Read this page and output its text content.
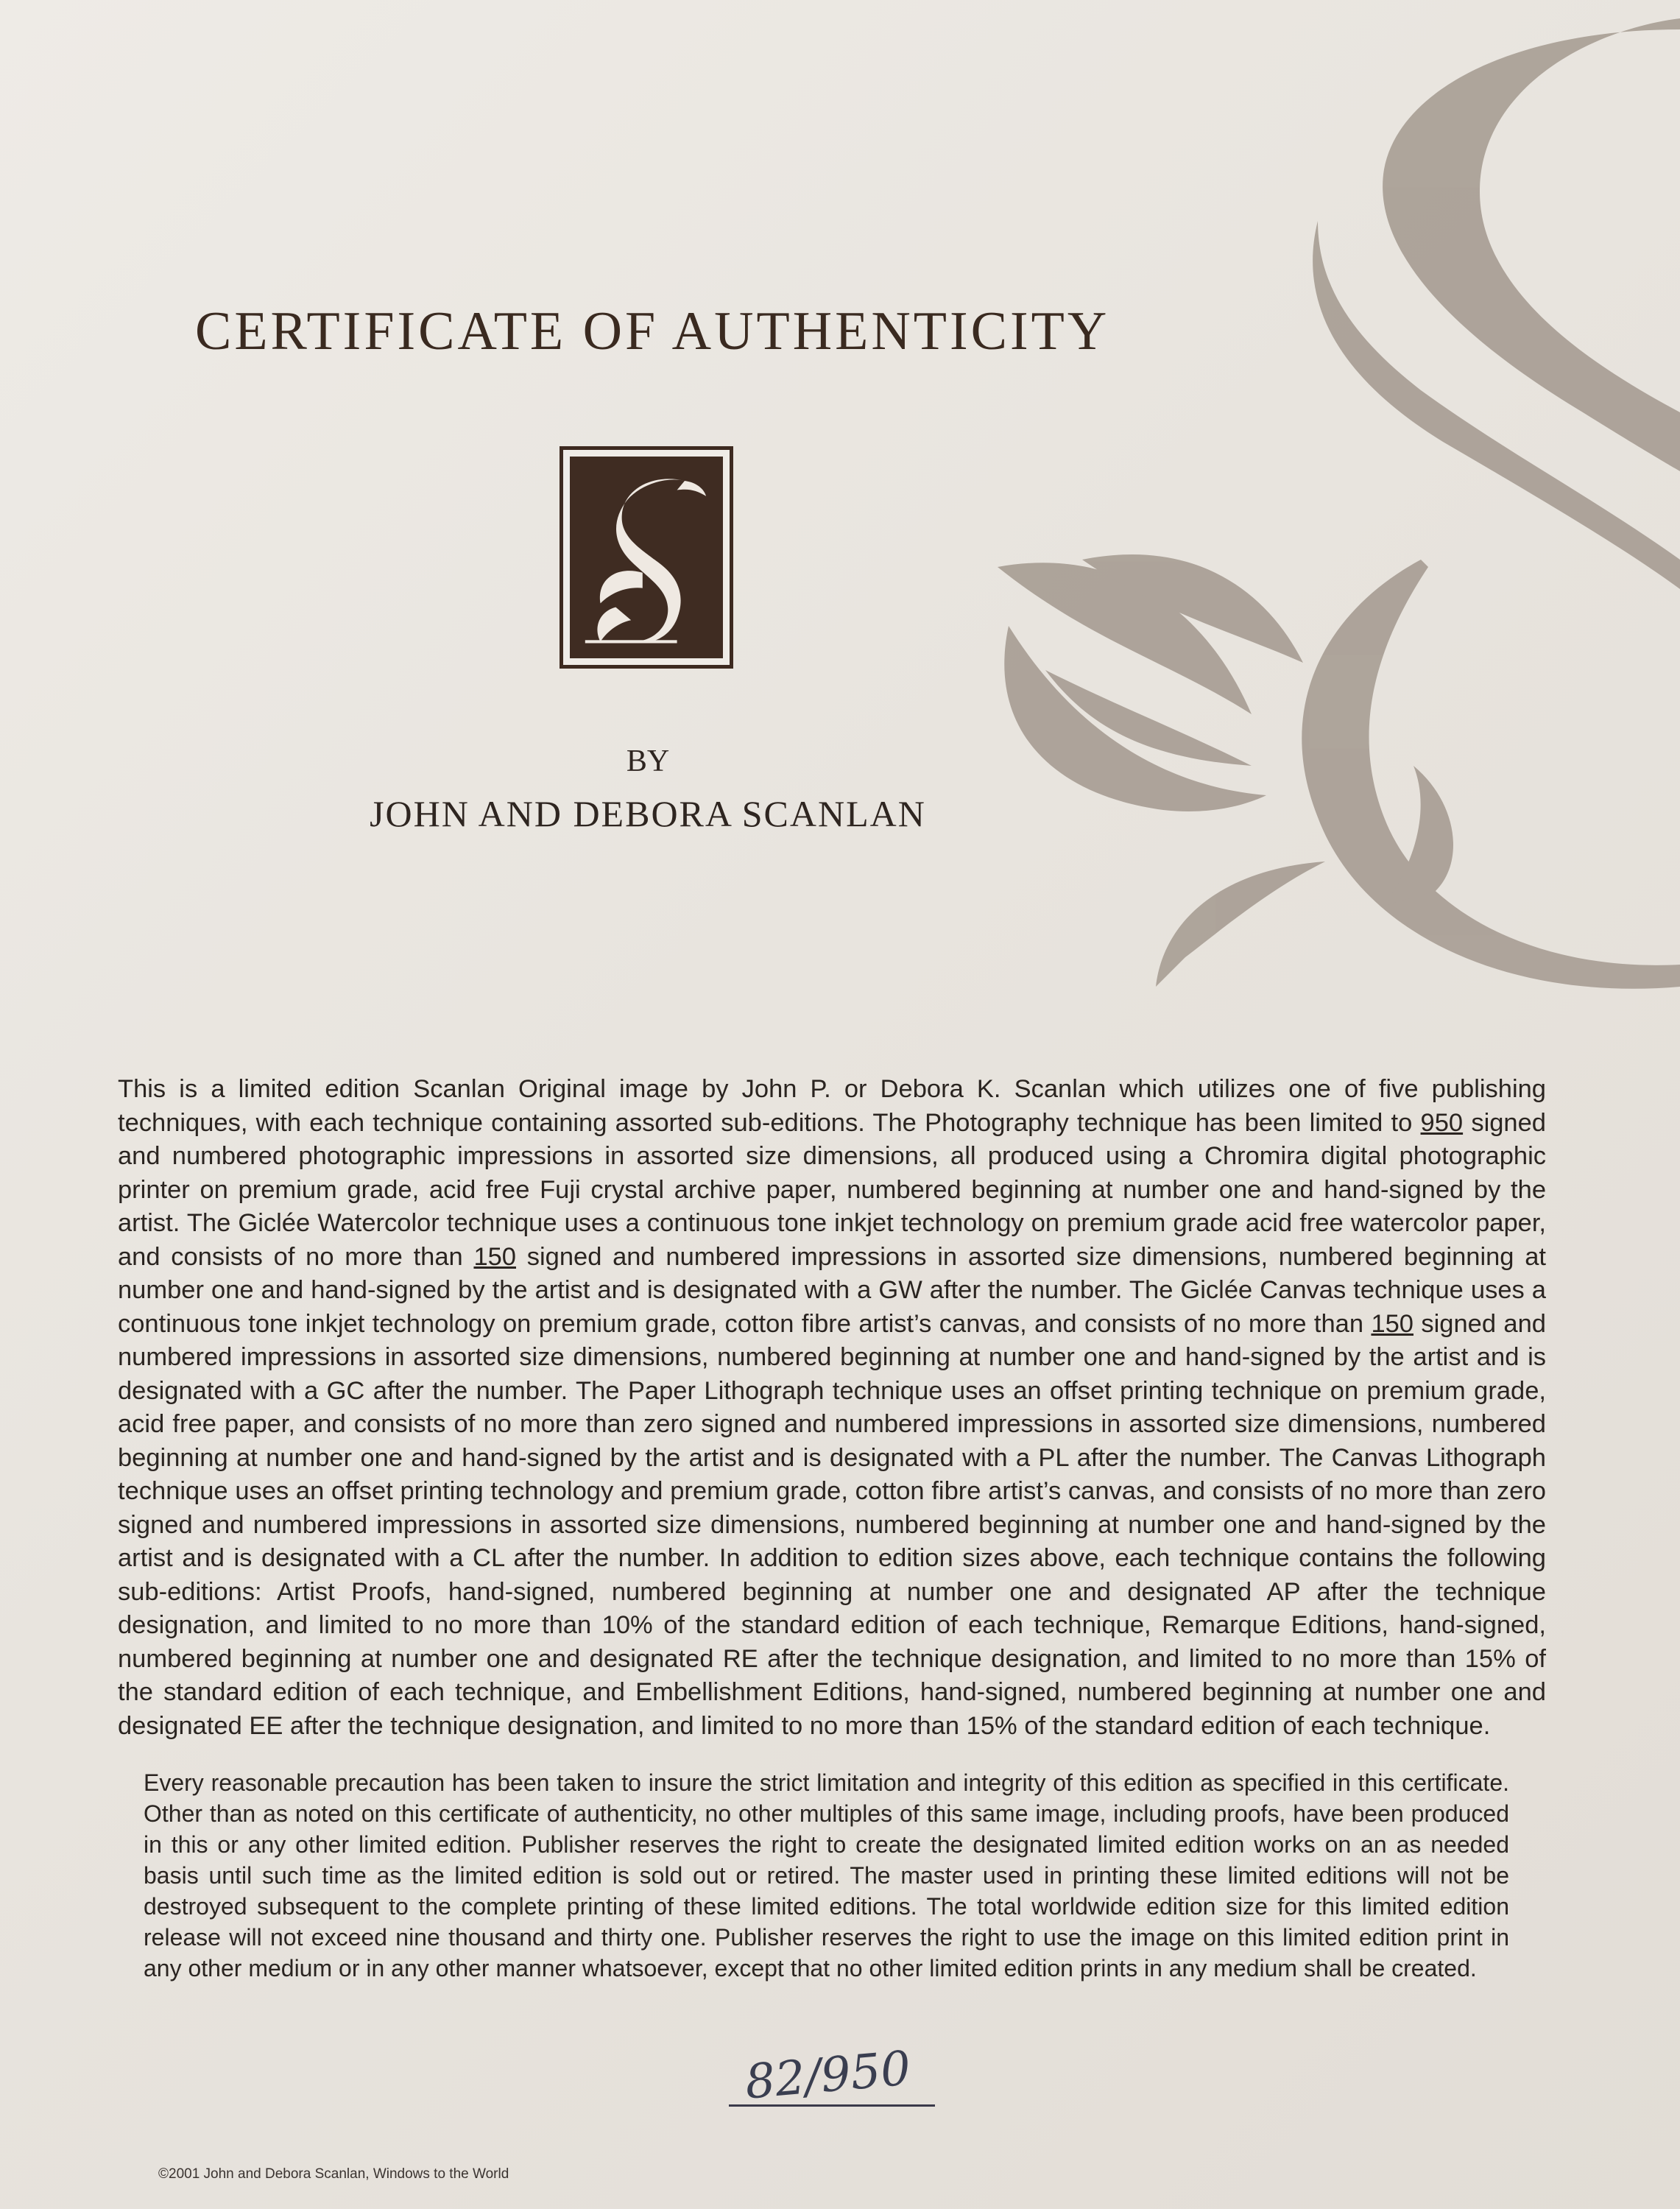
CERTIFICATE OF AUTHENTICITY
BY
JOHN AND DEBORA SCANLAN
This is a limited edition Scanlan Original image by John P. or Debora K. Scanlan which utilizes one of five publishing techniques, with each technique containing assorted sub-editions. The Photography technique has been limited to 950 signed and numbered photographic impressions in assorted size dimensions, all produced using a Chromira digital photographic printer on premium grade, acid free Fuji crystal archive paper, numbered beginning at number one and hand-signed by the artist. The Giclée Watercolor technique uses a continuous tone inkjet technology on premium grade acid free watercolor paper, and consists of no more than 150 signed and numbered impressions in assorted size dimensions, numbered beginning at number one and hand-signed by the artist and is designated with a GW after the number. The Giclée Canvas technique uses a continuous tone inkjet technology on premium grade, cotton fibre artist’s canvas, and consists of no more than 150 signed and numbered impressions in assorted size dimensions, numbered beginning at number one and hand-signed by the artist and is designated with a GC after the number. The Paper Lithograph technique uses an offset printing technique on premium grade, acid free paper, and consists of no more than zero signed and numbered impressions in assorted size dimensions, numbered beginning at number one and hand-signed by the artist and is designated with a PL after the number. The Canvas Lithograph technique uses an offset printing technology and premium grade, cotton fibre artist’s canvas, and consists of no more than zero signed and numbered impressions in assorted size dimensions, numbered beginning at number one and hand-signed by the artist and is designated with a CL after the number. In addition to edition sizes above, each technique contains the following sub-editions: Artist Proofs, hand-signed, numbered beginning at number one and designated AP after the technique designation, and limited to no more than 10% of the standard edition of each technique, Remarque Editions, hand-signed, numbered beginning at number one and designated RE after the technique designation, and limited to no more than 15% of the standard edition of each technique, and Embellishment Editions, hand-signed, numbered beginning at number one and designated EE after the technique designation, and limited to no more than 15% of the standard edition of each technique.
Every reasonable precaution has been taken to insure the strict limitation and integrity of this edition as specified in this certificate. Other than as noted on this certificate of authenticity, no other multiples of this same image, including proofs, have been produced in this or any other limited edition. Publisher reserves the right to create the designated limited edition works on an as needed basis until such time as the limited edition is sold out or retired. The master used in printing these limited editions will not be destroyed subsequent to the complete printing of these limited editions. The total worldwide edition size for this limited edition release will not exceed nine thousand and thirty one. Publisher reserves the right to use the image on this limited edition print in any other medium or in any other manner whatsoever, except that no other limited edition prints in any medium shall be created.
82/950
©2001 John and Debora Scanlan, Windows to the World
